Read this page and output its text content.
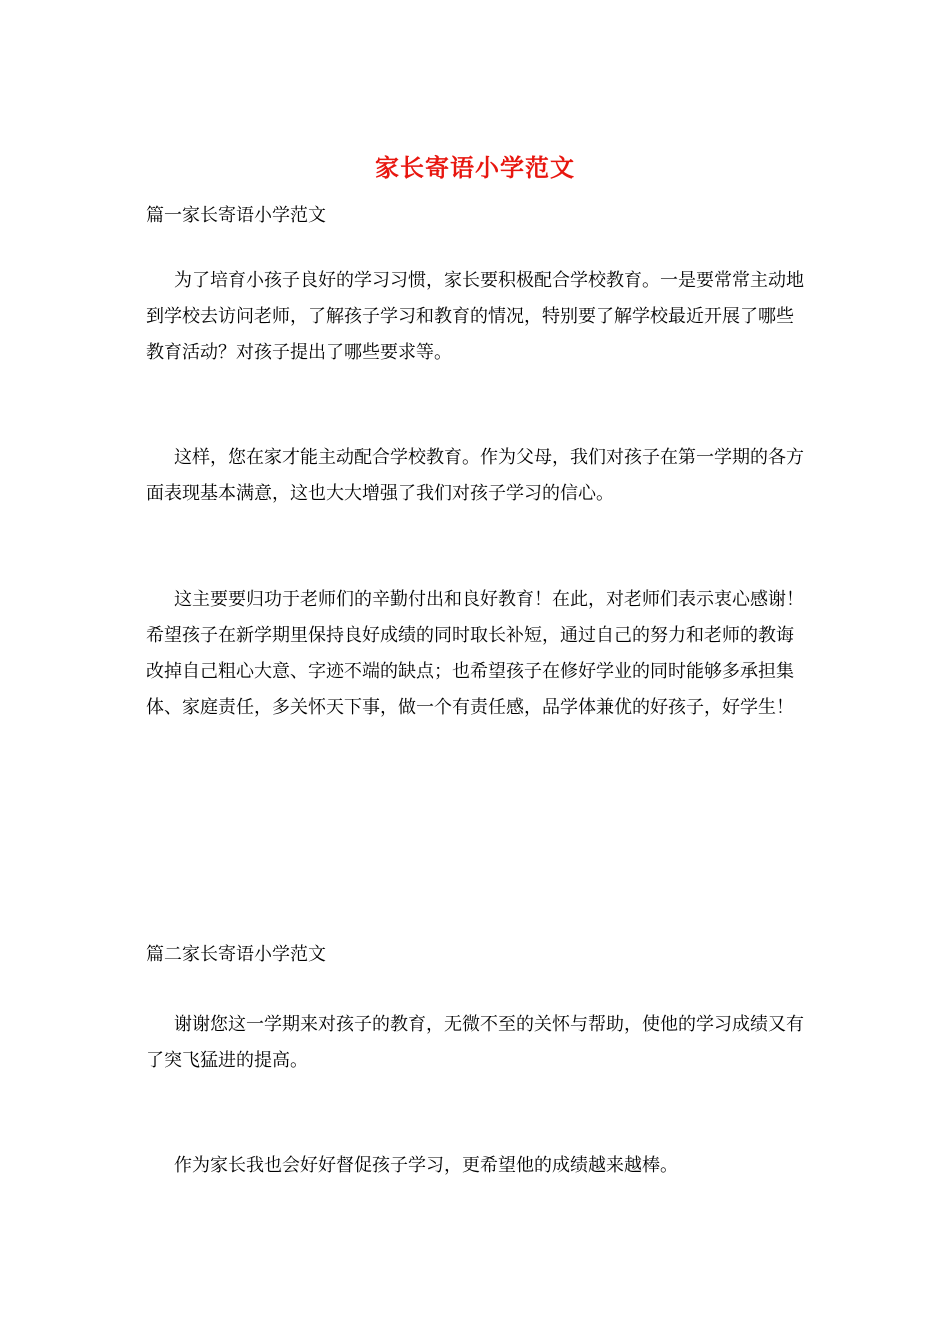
家长寄语小学范文
篇一家长寄语小学范文
为了培育小孩子良好的学习习惯，家长要积极配合学校教育。一是要常常主动地到学校去访问老师，了解孩子学习和教育的情况，特别要了解学校最近开展了哪些教育活动？对孩子提出了哪些要求等。
这样，您在家才能主动配合学校教育。作为父母，我们对孩子在第一学期的各方面表现基本满意，这也大大增强了我们对孩子学习的信心。
这主要要归功于老师们的辛勤付出和良好教育！在此，对老师们表示衷心感谢！希望孩子在新学期里保持良好成绩的同时取长补短，通过自己的努力和老师的教诲改掉自己粗心大意、字迹不端的缺点；也希望孩子在修好学业的同时能够多承担集体、家庭责任，多关怀天下事，做一个有责任感，品学体兼优的好孩子，好学生！
篇二家长寄语小学范文
谢谢您这一学期来对孩子的教育，无微不至的关怀与帮助，使他的学习成绩又有了突飞猛进的提高。
作为家长我也会好好督促孩子学习，更希望他的成绩越来越棒。
